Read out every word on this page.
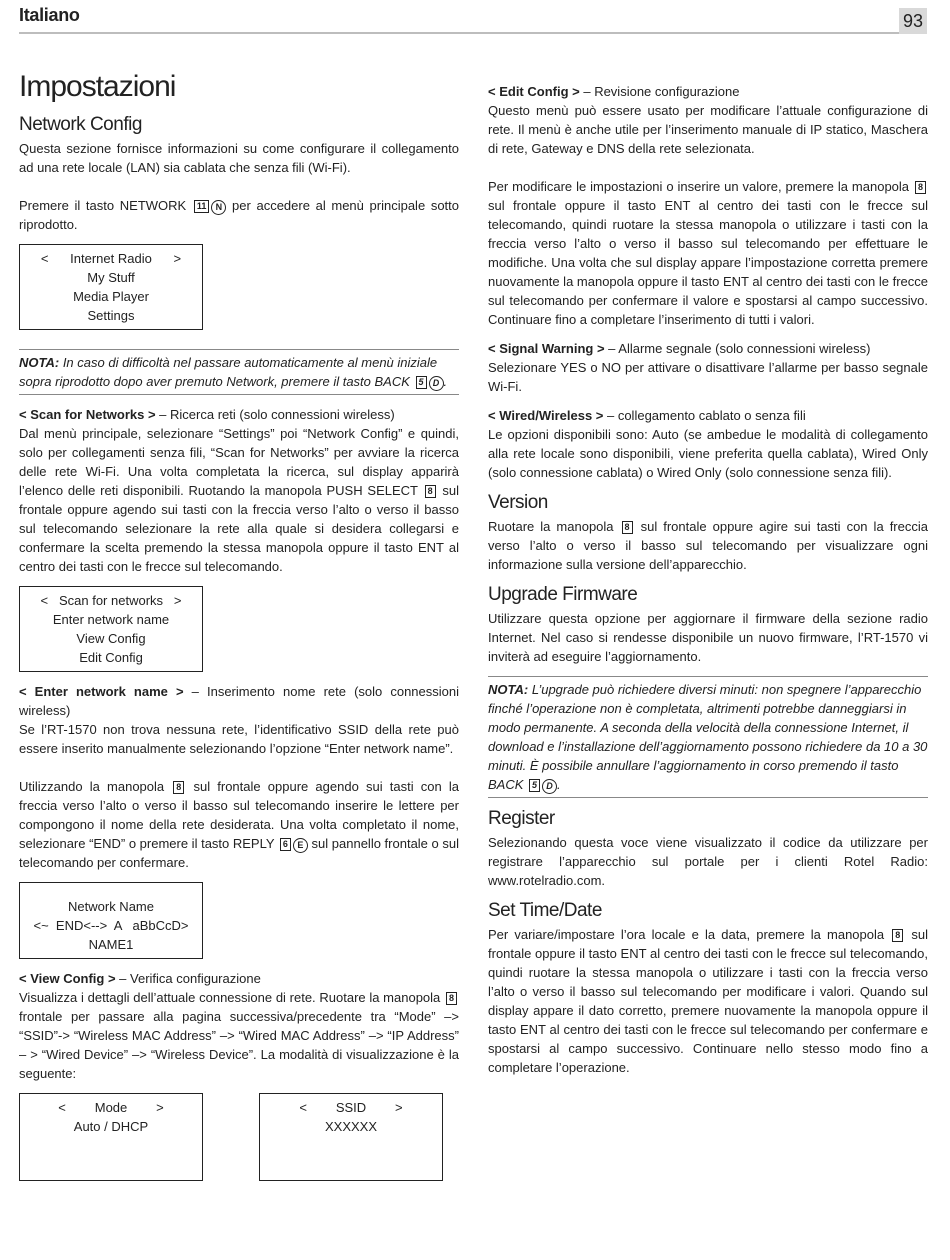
Italiano	93
Impostazioni
Network Config

Questa sezione fornisce informazioni su come configurare il collegamento ad una rete locale (LAN) sia cablata che senza fili (Wi-Fi).

Premere il tasto NETWORK 11 N per accedere al menù principale sotto riprodotto.

<      Internet Radio      >
My Stuff
Media Player
Settings
NOTA: In caso di difficoltà nel passare automaticamente al menù iniziale sopra riprodotto dopo aver premuto Network, premere il tasto BACK 5 D .

< Scan for Networks > – Ricerca reti (solo connessioni wireless)

Dal menù principale, selezionare “Settings” poi “Network Config” e quindi, solo per collegamenti senza fili, “Scan for Networks” per avviare la ricerca delle rete Wi-Fi. Una volta completata la ricerca, sul display apparirà l’elenco delle reti disponibili. Ruotando la manopola PUSH SELECT 8 sul frontale oppure agendo sui tasti con la freccia verso l’alto o verso il basso sul telecomando selezionare la rete alla quale si desidera collegarsi e confermare la scelta premendo la stessa manopola oppure il tasto ENT al centro dei tasti con le frecce sul telecomando.

<   Scan for networks   >
Enter network name
View Config
Edit Config

< Enter network name > – Inserimento nome rete (solo connessioni wireless)

Se l’RT-1570 non trova nessuna rete, l’identificativo SSID della rete può essere inserito manualmente selezionando l’opzione “Enter network name”.

Utilizzando la manopola 8 sul frontale oppure agendo sui tasti con la freccia verso l’alto o verso il basso sul telecomando inserire le lettere per compongono il nome della rete desiderata. Una volta completato il nome, selezionare “END” o premere il tasto REPLY 6 E sul pannello frontale o sul telecomando per confermare.

Network Name
<~  END<-->  A   aBbCcD>
NAME1

< View Config > – Verifica configurazione

Visualizza i dettagli dell’attuale connessione di rete. Ruotare la manopola 8 frontale per passare alla pagina successiva/precedente tra “Mode” –> “SSID”-> “Wireless MAC Address” –> “Wired MAC Address” –> “IP Address” – > “Wired Device” –> “Wireless Device”. La modalità di visualizzazione è la seguente:

<        Mode        >
Auto / DHCP
<        SSID        >
XXXXXX

< Edit Config > – Revisione configurazione

Questo menù può essere usato per modificare l’attuale configurazione di rete. Il menù è anche utile per l’inserimento manuale di IP statico, Maschera di rete, Gateway e DNS della rete selezionata.

Per modificare le impostazioni o inserire un valore, premere la manopola 8 sul frontale oppure il tasto ENT al centro dei tasti con le frecce sul telecomando, quindi ruotare la stessa manopola o utilizzare i tasti con la freccia verso l’alto o verso il basso sul telecomando per effettuare le modifiche. Una volta che sul display appare l’impostazione corretta premere nuovamente la manopola oppure il tasto ENT al centro dei tasti con le frecce sul telecomando per confermare il valore e spostarsi al campo successivo. Continuare fino a completare l’inserimento di tutti i valori.

< Signal Warning > – Allarme segnale (solo connessioni wireless)

Selezionare YES o NO per attivare o disattivare l’allarme per basso segnale Wi-Fi.

< Wired/Wireless > – collegamento cablato o senza fili

Le opzioni disponibili sono: Auto (se ambedue le modalità di collegamento alla rete locale sono disponibili, viene preferita quella cablata), Wired Only (solo connessione cablata) o Wired Only (solo connessione senza fili).

Version

Ruotare la manopola 8 sul frontale oppure agire sui tasti con la freccia verso l’alto o verso il basso sul telecomando per visualizzare ogni informazione sulla versione dell’apparecchio.

Upgrade Firmware

Utilizzare questa opzione per aggiornare il firmware della sezione radio Internet. Nel caso si rendesse disponibile un nuovo firmware, l’RT-1570 vi inviterà ad eseguire l’aggiornamento.

NOTA: L’upgrade può richiedere diversi minuti: non spegnere l’apparecchio finché l’operazione non è completata, altrimenti potrebbe danneggiarsi in modo permanente. A seconda della velocità della connessione Internet, il download e l’installazione dell’aggiornamento possono richiedere da 10 a 30 minuti. È possibile annullare l’aggiornamento in corso premendo il tasto BACK 5 D .
Register

Selezionando questa voce viene visualizzato il codice da utilizzare per registrare l’apparecchio sul portale per i clienti Rotel Radio: www.rotelradio.com.

Set Time/Date

Per variare/impostare l’ora locale e la data, premere la manopola 8 sul frontale oppure il tasto ENT al centro dei tasti con le frecce sul telecomando, quindi ruotare la stessa manopola o utilizzare i tasti con la freccia verso l’alto o verso il basso sul telecomando per modificare i valori. Quando sul display appare il dato corretto, premere nuovamente la manopola oppure il tasto ENT al centro dei tasti con le frecce sul telecomando per confermare e spostarsi al campo successivo. Continuare nello stesso modo fino a completare l’operazione.
